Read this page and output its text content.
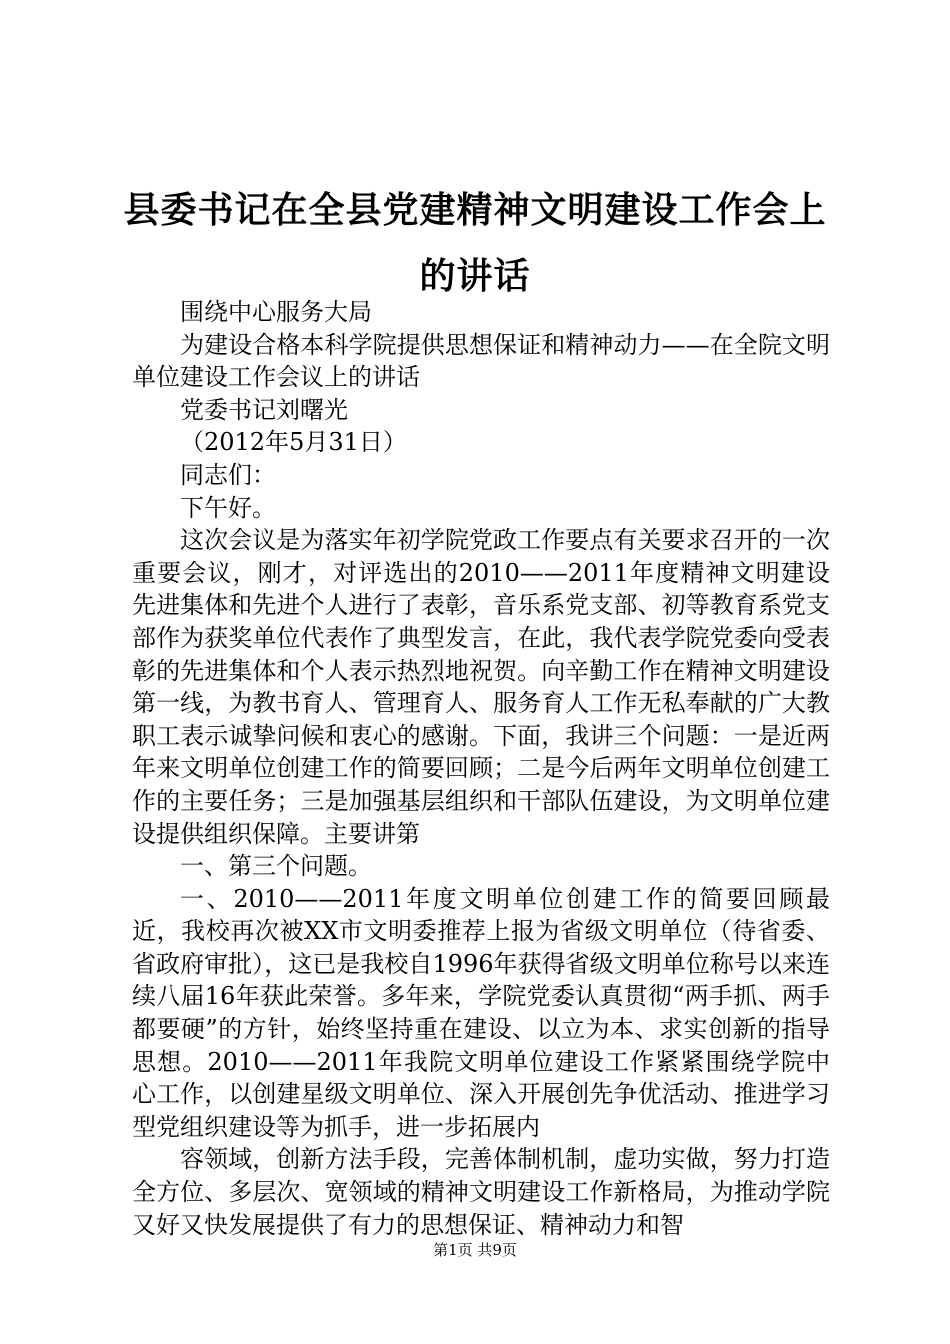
县委书记在全县党建精神文明建设工作会上的讲话

围绕中心服务大局

为建设合格本科学院提供思想保证和精神动力——在全院文明单位建设工作会议上的讲话

党委书记刘曙光

（2012年5月31日）

同志们：

下午好。

这次会议是为落实年初学院党政工作要点有关要求召开的一次重要会议，刚才，对评选出的2010——2011年度精神文明建设先进集体和先进个人进行了表彰，音乐系党支部、初等教育系党支部作为获奖单位代表作了典型发言，在此，我代表学院党委向受表彰的先进集体和个人表示热烈地祝贺。向辛勤工作在精神文明建设第一线，为教书育人、管理育人、服务育人工作无私奉献的广大教职工表示诚挚问候和衷心的感谢。下面，我讲三个问题：一是近两年来文明单位创建工作的简要回顾；二是今后两年文明单位创建工作的主要任务；三是加强基层组织和干部队伍建设，为文明单位建设提供组织保障。主要讲第

一、第三个问题。

一、2010——2011年度文明单位创建工作的简要回顾最近，我校再次被XX市文明委推荐上报为省级文明单位（待省委、省政府审批），这已是我校自1996年获得省级文明单位称号以来连续八届16年获此荣誉。多年来，学院党委认真贯彻“两手抓、两手都要硬”的方针，始终坚持重在建设、以立为本、求实创新的指导思想。2010——2011年我院文明单位建设工作紧紧围绕学院中心工作，以创建星级文明单位、深入开展创先争优活动、推进学习型党组织建设等为抓手，进一步拓展内

容领域，创新方法手段，完善体制机制，虚功实做，努力打造全方位、多层次、宽领域的精神文明建设工作新格局，为推动学院又好又快发展提供了有力的思想保证、精神动力和智

第1页 共9页
